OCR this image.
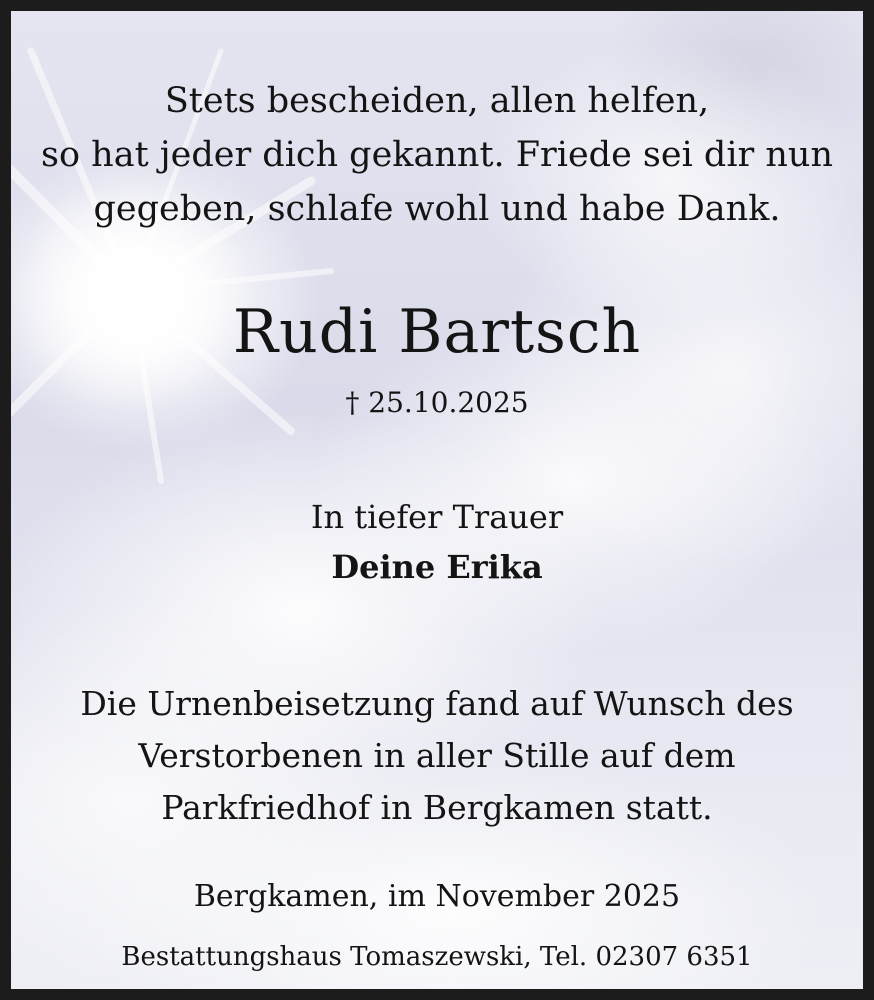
Stets bescheiden, allen helfen,
so hat jeder dich gekannt. Friede sei dir nun
gegeben, schlafe wohl und habe Dank.
Rudi Bartsch
† 25.10.2025
In tiefer Trauer
Deine Erika
Die Urnenbeisetzung fand auf Wunsch des
Verstorbenen in aller Stille auf dem
Parkfriedhof in Bergkamen statt.
Bergkamen, im November 2025
Bestattungshaus Tomaszewski, Tel. 02307 6351
